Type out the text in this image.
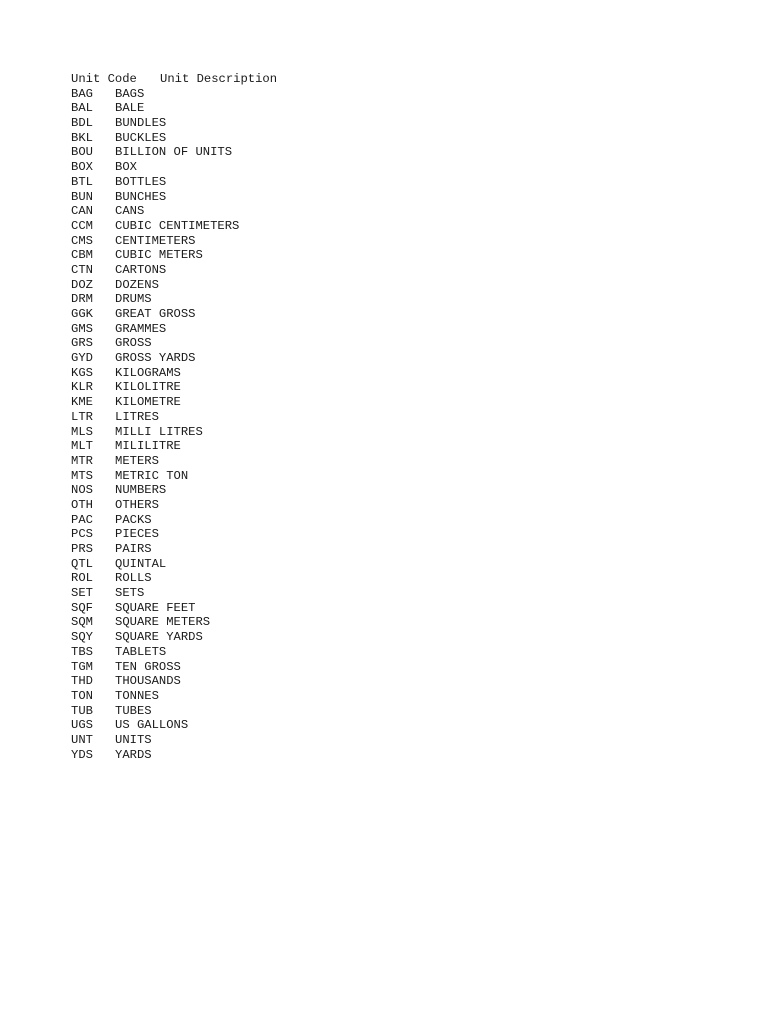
Unit Code	Unit Description
BAG	BAGS
BAL	BALE
BDL	BUNDLES
BKL	BUCKLES
BOU	BILLION OF UNITS
BOX	BOX
BTL	BOTTLES
BUN	BUNCHES
CAN	CANS
CCM	CUBIC CENTIMETERS
CMS	CENTIMETERS
CBM	CUBIC METERS
CTN	CARTONS
DOZ	DOZENS
DRM	DRUMS
GGK	GREAT GROSS
GMS	GRAMMES
GRS	GROSS
GYD	GROSS YARDS
KGS	KILOGRAMS
KLR	KILOLITRE
KME	KILOMETRE
LTR	LITRES
MLS	MILLI LITRES
MLT	MILILITRE
MTR	METERS
MTS	METRIC TON
NOS	NUMBERS
OTH	OTHERS
PAC	PACKS
PCS	PIECES
PRS	PAIRS
QTL	QUINTAL
ROL	ROLLS
SET	SETS
SQF	SQUARE FEET
SQM	SQUARE METERS
SQY	SQUARE YARDS
TBS	TABLETS
TGM	TEN GROSS
THD	THOUSANDS
TON	TONNES
TUB	TUBES
UGS	US GALLONS
UNT	UNITS
YDS	YARDS
